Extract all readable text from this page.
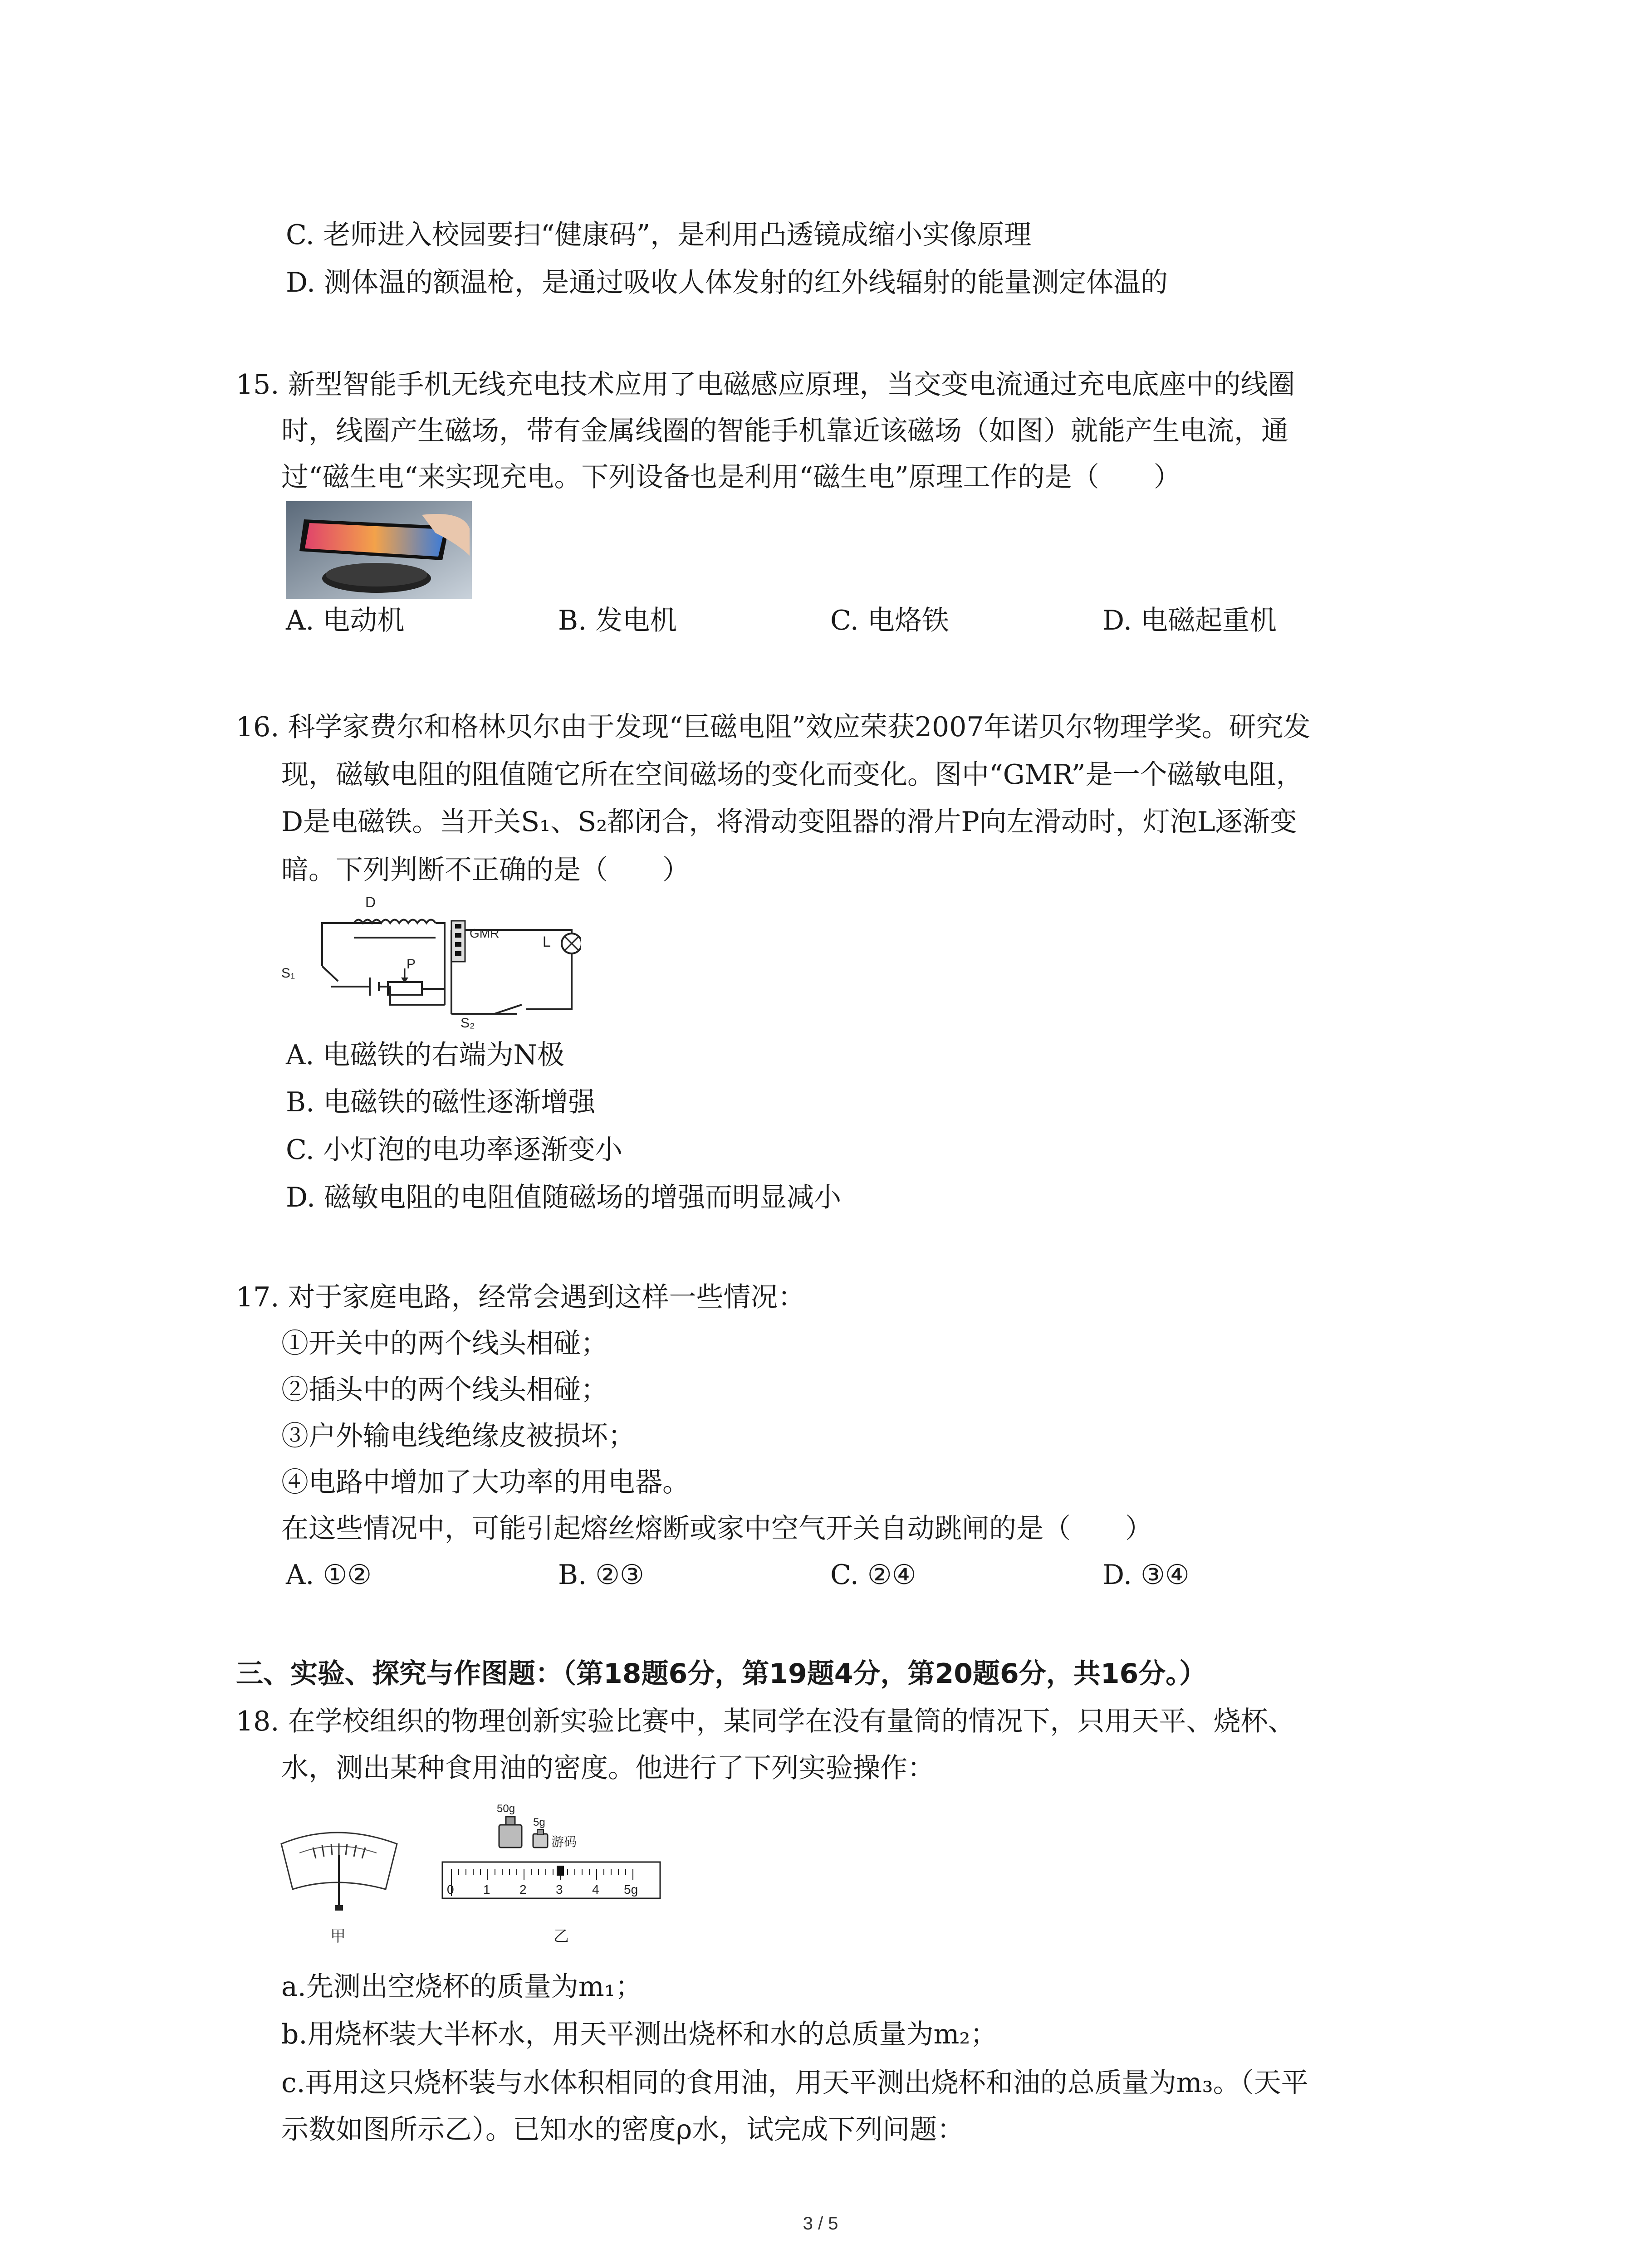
C. 老师进入校园要扫“健康码”，是利用凸透镜成缩小实像原理
D. 测体温的额温枪，是通过吸收人体发射的红外线辐射的能量测定体温的
15. 新型智能手机无线充电技术应用了电磁感应原理，当交变电流通过充电底座中的线圈
时，线圈产生磁场，带有金属线圈的智能手机靠近该磁场（如图）就能产生电流，通
过“磁生电“来实现充电。下列设备也是利用“磁生电”原理工作的是（　　）
A. 电动机	B. 发电机	C. 电烙铁	D. 电磁起重机
16. 科学家费尔和格林贝尔由于发现“巨磁电阻”效应荣获2007年诺贝尔物理学奖。研究发
现，磁敏电阻的阻值随它所在空间磁场的变化而变化。图中“GMR”是一个磁敏电阻，
D是电磁铁。当开关S₁、S₂都闭合，将滑动变阻器的滑片P向左滑动时，灯泡L逐渐变
暗。下列判断不正确的是（　　）
D
GMR
L
S₁
P
S₂
A. 电磁铁的右端为N极
B. 电磁铁的磁性逐渐增强
C. 小灯泡的电功率逐渐变小
D. 磁敏电阻的电阻值随磁场的增强而明显减小
17. 对于家庭电路，经常会遇到这样一些情况：
①开关中的两个线头相碰；
②插头中的两个线头相碰；
③户外输电线绝缘皮被损坏；
④电路中增加了大功率的用电器。
在这些情况中，可能引起熔丝熔断或家中空气开关自动跳闸的是（　　）
A. ①②	B. ②③	C. ②④	D. ③④
三、实验、探究与作图题：（第18题6分，第19题4分，第20题6分，共16分。）
18. 在学校组织的物理创新实验比赛中，某同学在没有量筒的情况下，只用天平、烧杯、
水，测出某种食用油的密度。他进行了下列实验操作：
甲
50g
5g
游码
0 1 2 3 4 5g
乙
a.先测出空烧杯的质量为m₁；
b.用烧杯装大半杯水，用天平测出烧杯和水的总质量为m₂；
c.再用这只烧杯装与水体积相同的食用油，用天平测出烧杯和油的总质量为m₃。（天平
示数如图所示乙）。已知水的密度ρ水，试完成下列问题：
3 / 5
